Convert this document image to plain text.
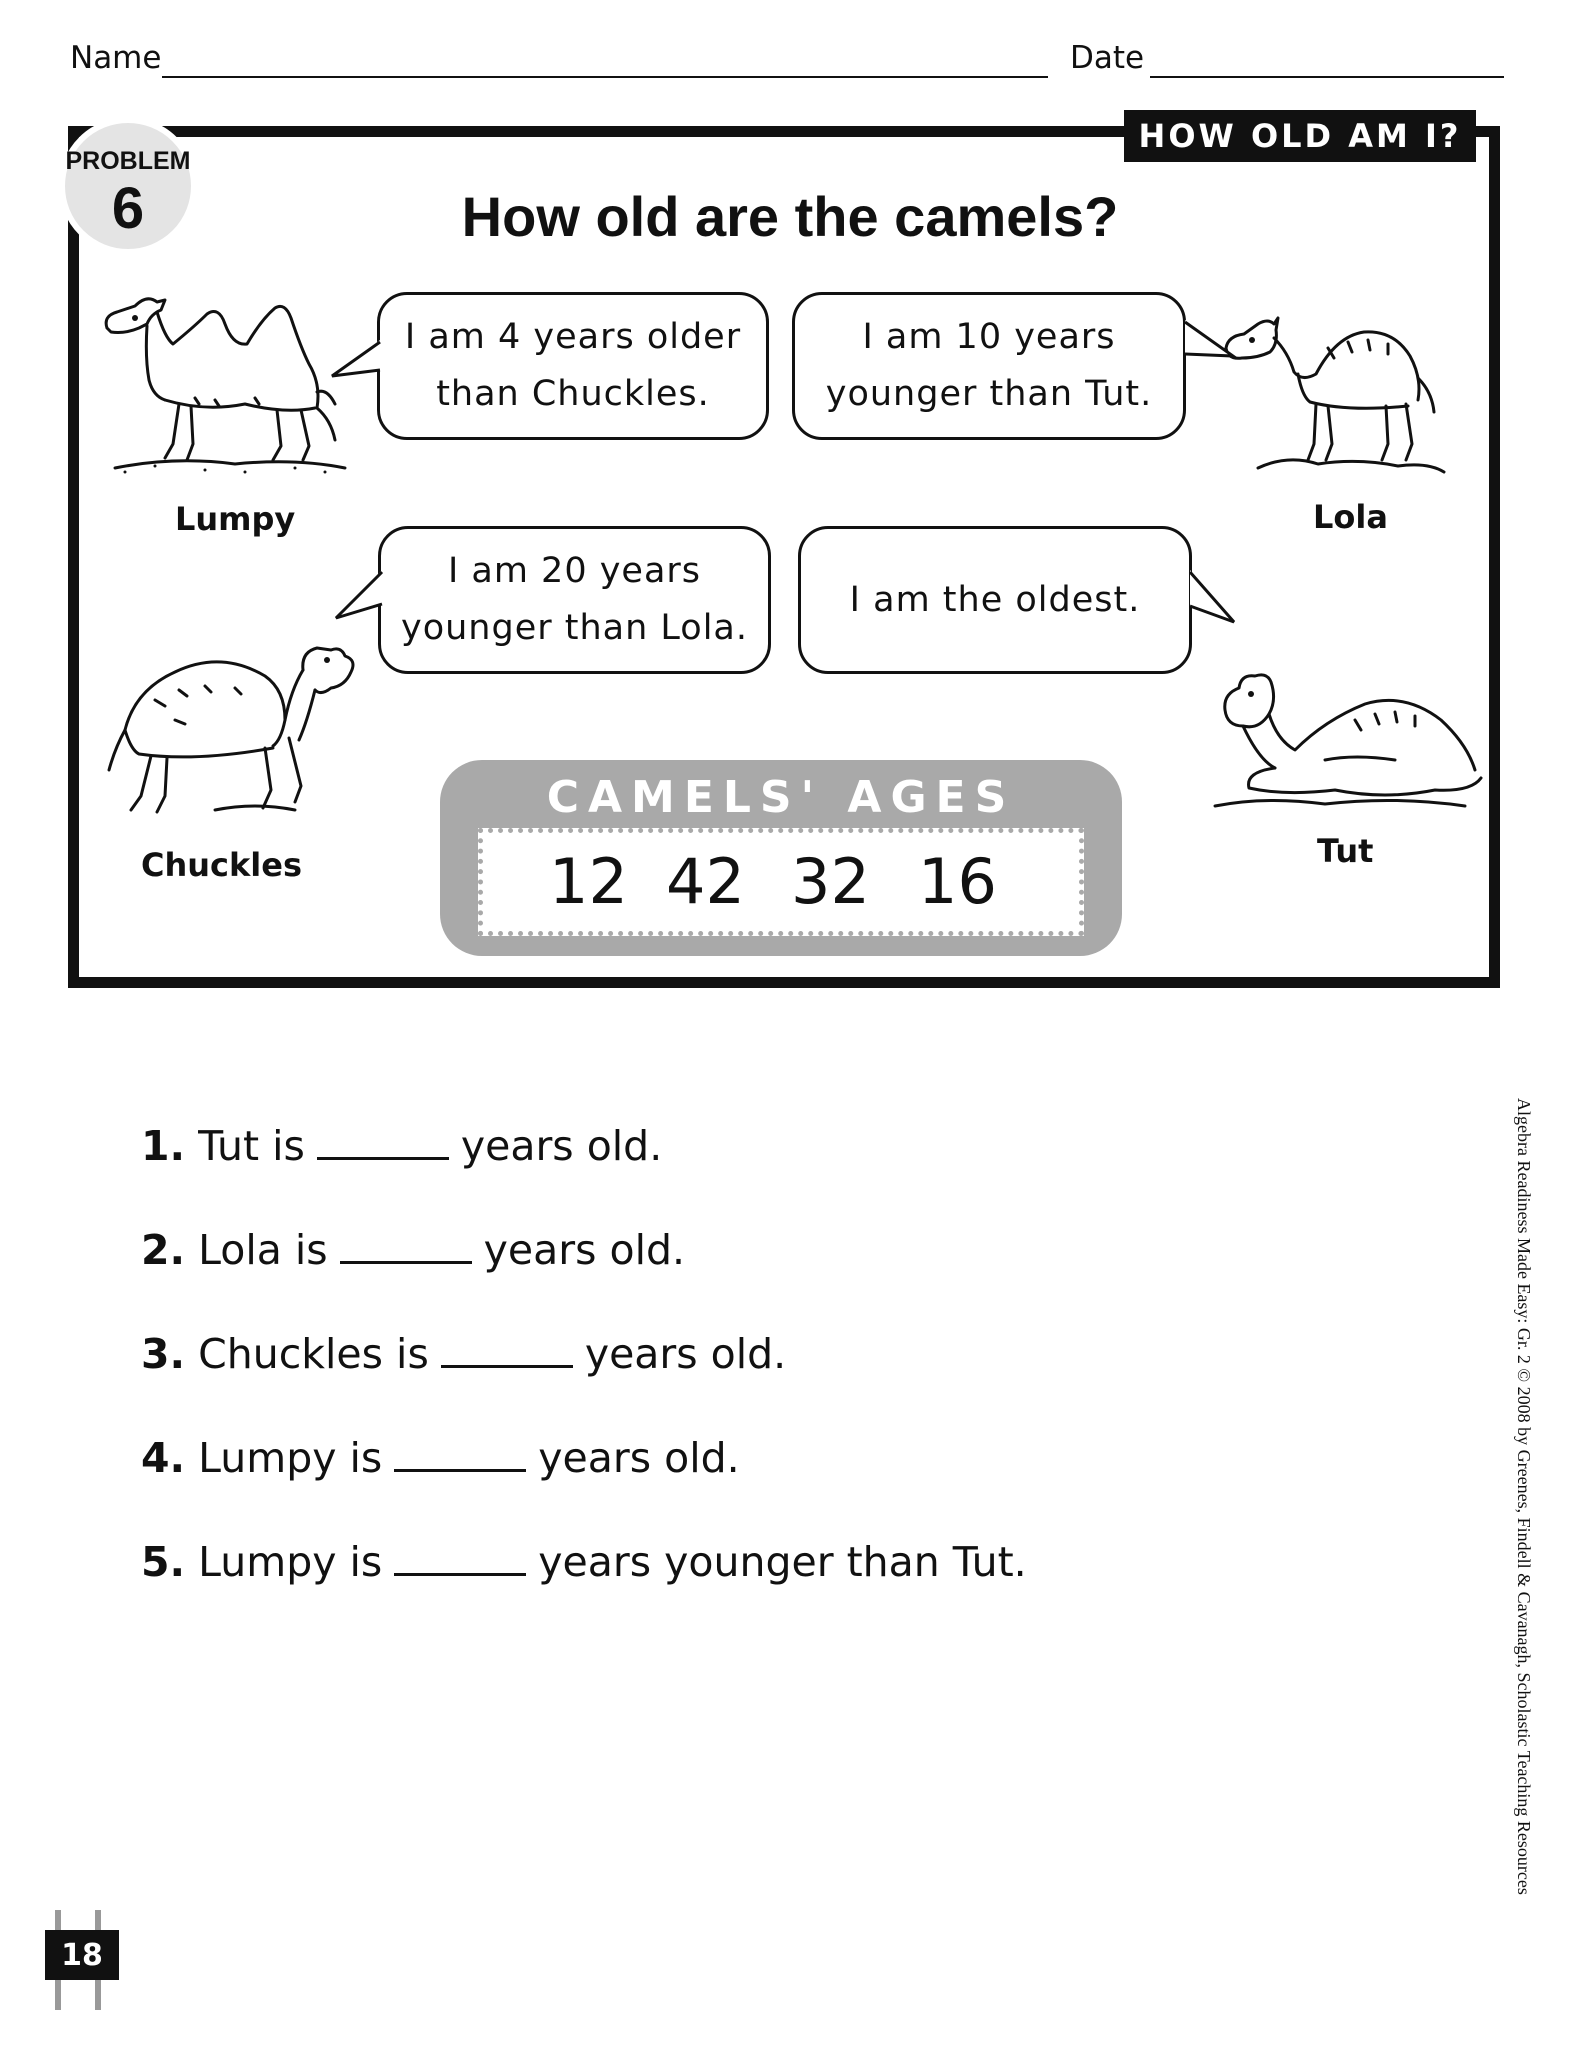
Name	Date
HOW OLD AM I?
PROBLEM
6	How old are the camels?
Lumpy	Lola
Chuckles	Tut
I am 4 years older
than Chuckles.
I am 10 years
younger than Tut.
I am 20 years
younger than Lola.
I am the oldest.
CAMELS' AGES
12 42 32 16
1. Tut is	years old.
2. Lola is	years old.
3. Chuckles is	years old.
4. Lumpy is	years old.
5. Lumpy is	years younger than Tut.	Algebra Readiness Made Easy: Gr. 2 © 2008 by Greenes, Findell & Cavanagh, Scholastic Teaching Resources
18
